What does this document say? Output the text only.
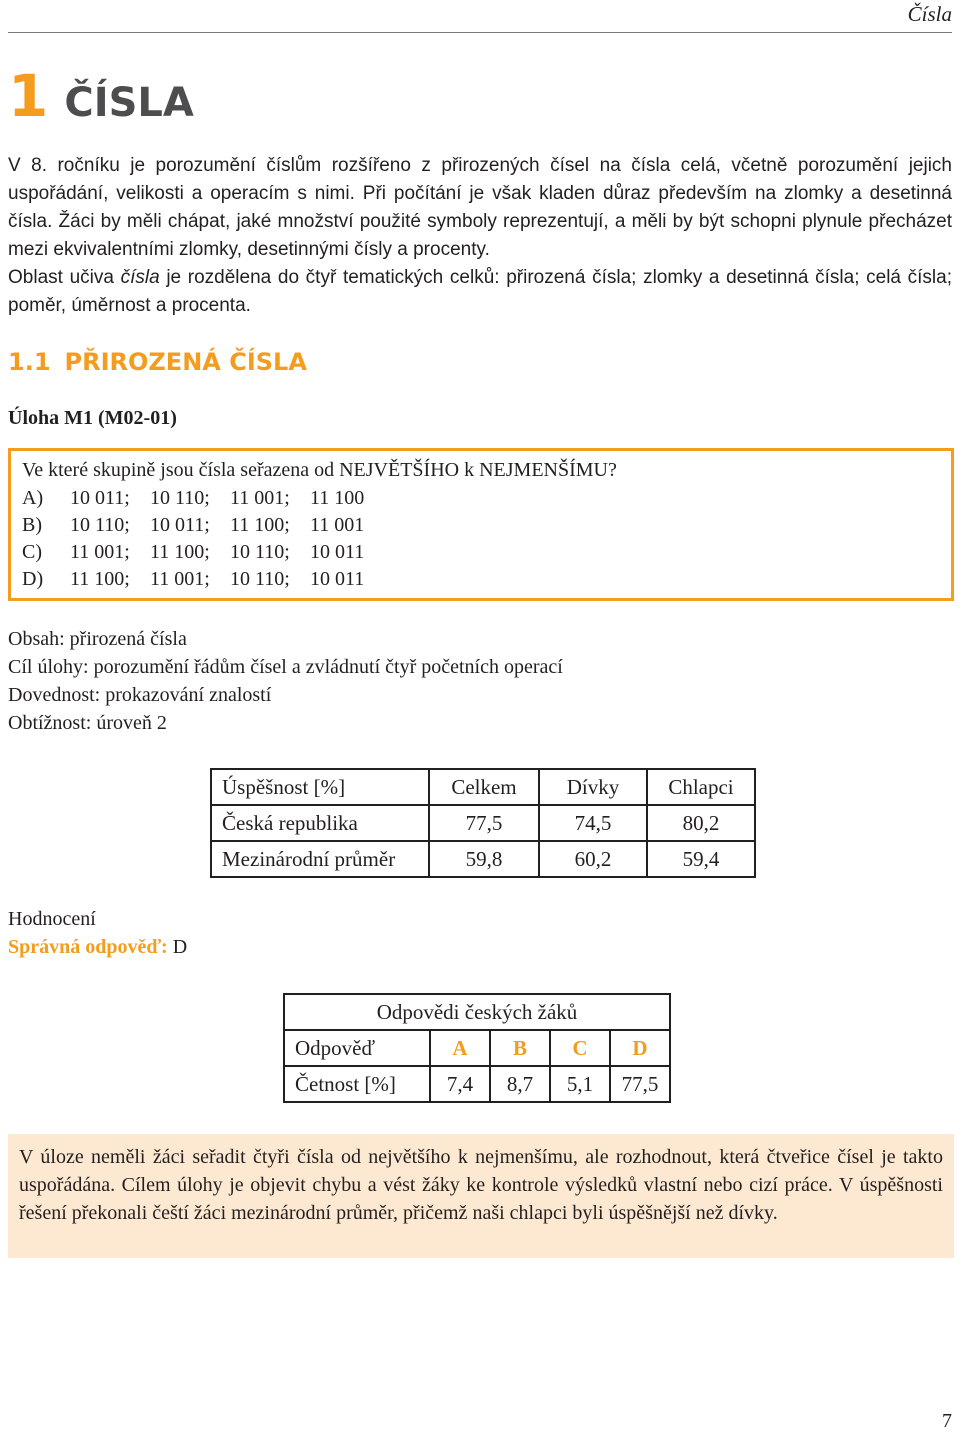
Čísla
1 ČÍSLA

V 8. ročníku je porozumění číslům rozšířeno z přirozených čísel na čísla celá, včetně porozumění jejich uspořádání, velikosti a operacím s nimi. Při počítání je však kladen důraz především na zlomky a desetinná čísla. Žáci by měli chápat, jaké množství použité symboly reprezentují, a měli by být schopni plynule přecházet mezi ekvivalentními zlomky, desetinnými čísly a procenty.

Oblast učiva čísla je rozdělena do čtyř tematických celků: přirozená čísla; zlomky a desetinná čísla; celá čísla; poměr, úměrnost a procenta.

1.1 PŘIROZENÁ ČÍSLA
Úloha M1 (M02-01)
Ve které skupině jsou čísla seřazena od NEJVĚTŠÍHO k NEJMENŠÍMU?
A) 10 011; 10 110; 11 001; 11 100
B) 10 110; 10 011; 11 100; 11 001
C) 11 001; 11 100; 10 110; 10 011
D) 11 100; 11 001; 10 110; 10 011
Obsah: přirozená čísla
Cíl úlohy: porozumění řádům čísel a zvládnutí čtyř početních operací
Dovednost: prokazování znalostí
Obtížnost: úroveň 2
Úspěšnost [%]	Celkem	Dívky	Chlapci
Česká republika	77,5	74,5	80,2
Mezinárodní průměr	59,8	60,2	59,4
Hodnocení
Správná odpověď: D
Odpovědi českých žáků				
Odpověď	A	B	C	D
Četnost [%]	7,4	8,7	5,1	77,5

V úloze neměli žáci seřadit čtyři čísla od největšího k nejmenšímu, ale rozhodnout, která čtveřice čísel je takto uspořádána. Cílem úlohy je objevit chybu a vést žáky ke kontrole výsledků vlastní nebo cizí práce. V úspěšnosti řešení překonali čeští žáci mezinárodní průměr, přičemž naši chlapci byli úspěšnější než dívky.

7
